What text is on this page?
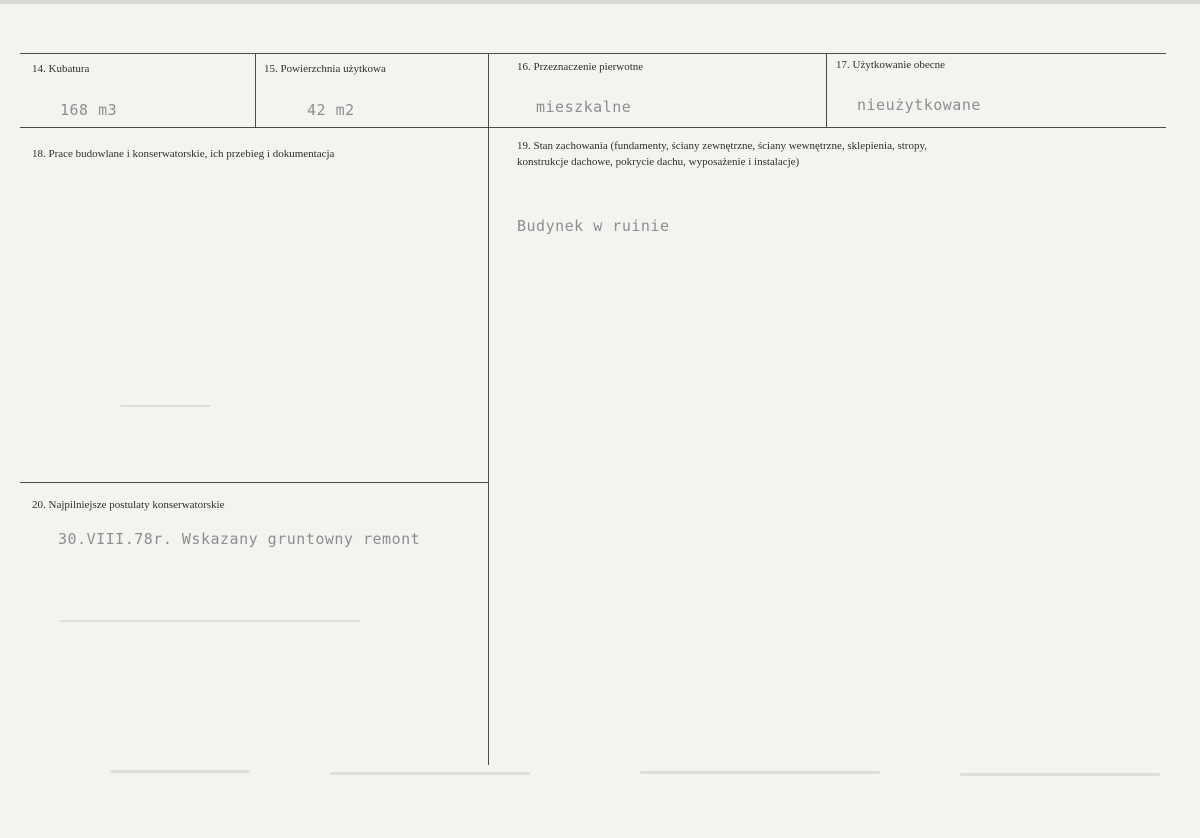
14. Kubatura
168 m3
15. Powierzchnia użytkowa
42 m2
16. Przeznaczenie pierwotne
mieszkalne
17. Użytkowanie obecne
nieużytkowane
18. Prace budowlane i konserwatorskie, ich przebieg i dokumentacja
19. Stan zachowania (fundamenty, ściany zewnętrzne, ściany wewnętrzne, sklepienia, stropy,
konstrukcje dachowe, pokrycie dachu, wyposażenie i instalacje)
Budynek w ruinie
20. Najpilniejsze postulaty konserwatorskie
30.VIII.78r. Wskazany gruntowny remont
